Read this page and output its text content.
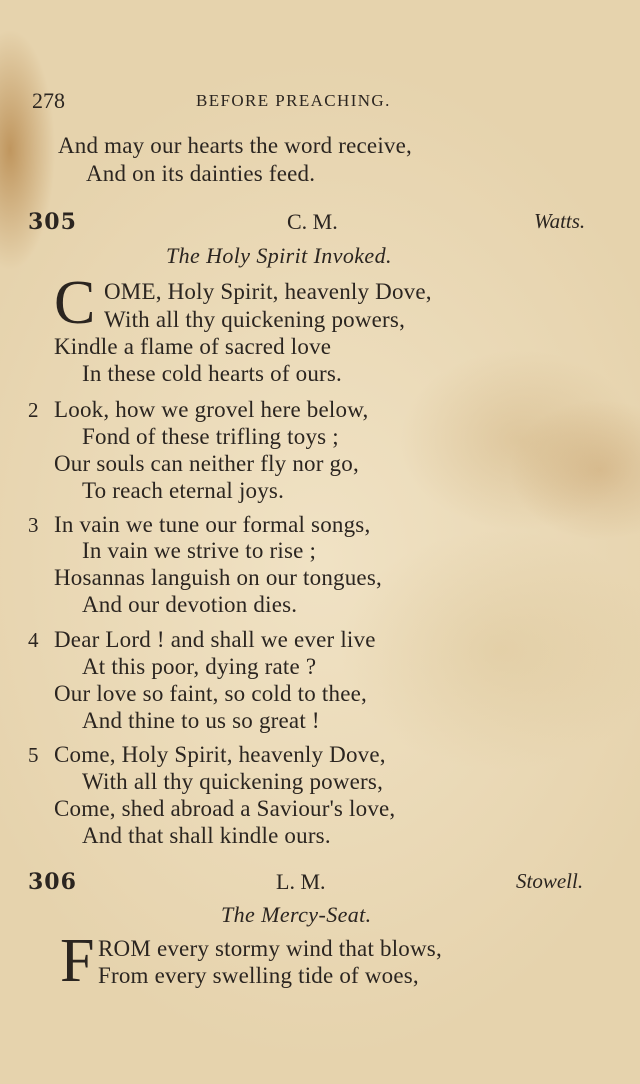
278	BEFORE PREACHING.
And may our hearts the word receive,
And on its dainties feed.
305	C. M.	Watts.
The Holy Spirit Invoked.
C OME, Holy Spirit, heavenly Dove,
With all thy quickening powers,
Kindle a flame of sacred love
In these cold hearts of ours.
2 Look, how we grovel here below,
Fond of these trifling toys ;
Our souls can neither fly nor go,
To reach eternal joys.
3 In vain we tune our formal songs,
In vain we strive to rise ;
Hosannas languish on our tongues,
And our devotion dies.
4 Dear Lord ! and shall we ever live
At this poor, dying rate ?
Our love so faint, so cold to thee,
And thine to us so great !
5 Come, Holy Spirit, heavenly Dove,
With all thy quickening powers,
Come, shed abroad a Saviour's love,
And that shall kindle ours.
306	L. M.	Stowell.
The Mercy-Seat.
F ROM every stormy wind that blows,
From every swelling tide of woes,
